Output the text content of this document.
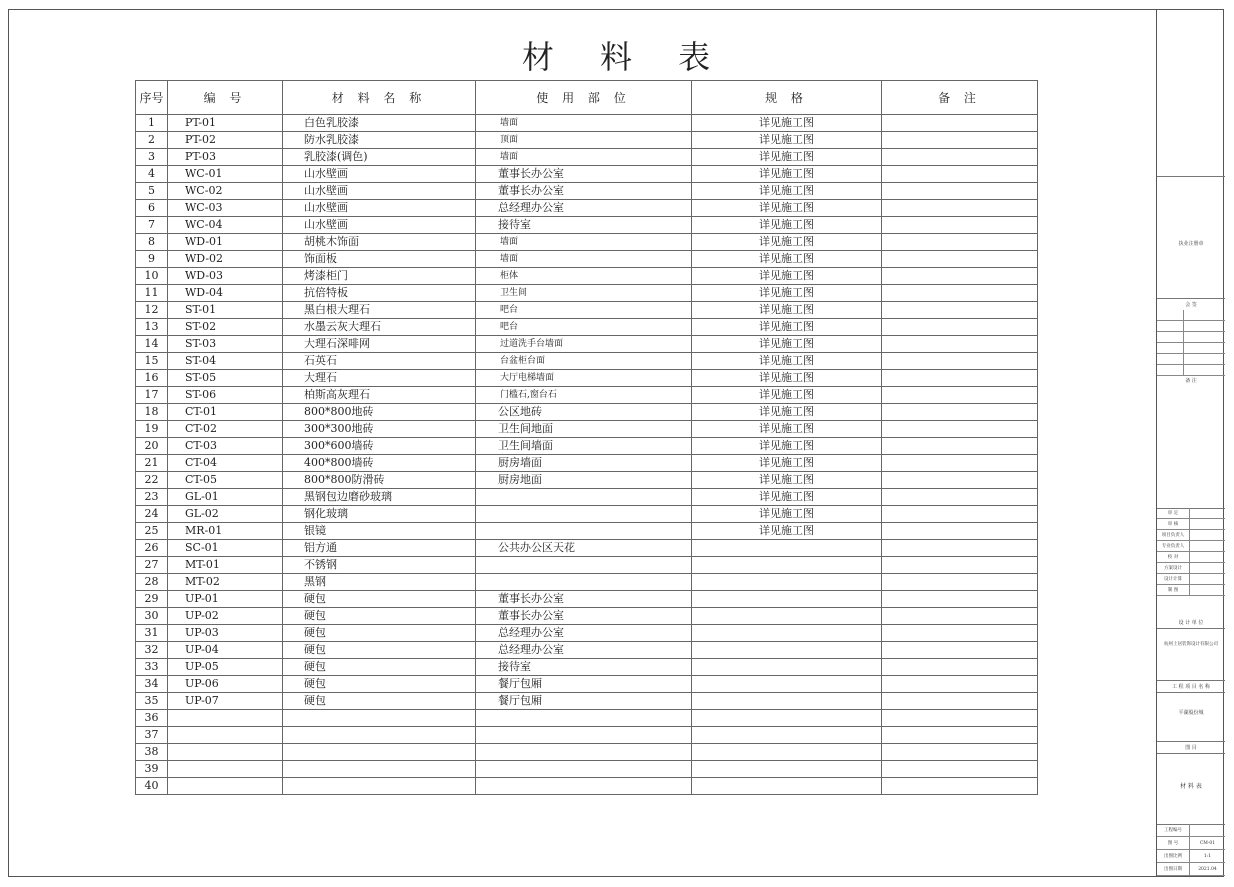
材 料 表
序号	编 号	材 料 名 称	使 用 部 位	规 格	备 注
1	PT-01	白色乳胶漆	墙面	详见施工图	
2	PT-02	防水乳胶漆	顶面	详见施工图	
3	PT-03	乳胶漆(调色)	墙面	详见施工图	
4	WC-01	山水壁画	董事长办公室	详见施工图	
5	WC-02	山水壁画	董事长办公室	详见施工图	
6	WC-03	山水壁画	总经理办公室	详见施工图	
7	WC-04	山水壁画	接待室	详见施工图	
8	WD-01	胡桃木饰面	墙面	详见施工图	
9	WD-02	饰面板	墙面	详见施工图	
10	WD-03	烤漆柜门	柜体	详见施工图	
11	WD-04	抗倍特板	卫生间	详见施工图	
12	ST-01	黑白根大理石	吧台	详见施工图	
13	ST-02	水墨云灰大理石	吧台	详见施工图	
14	ST-03	大理石深啡网	过道洗手台墙面	详见施工图	
15	ST-04	石英石	台盆柜台面	详见施工图	
16	ST-05	大理石	大厅电梯墙面	详见施工图	
17	ST-06	柏斯高灰理石	门槛石,窗台石	详见施工图	
18	CT-01	800*800地砖	公区地砖	详见施工图	
19	CT-02	300*300地砖	卫生间地面	详见施工图	
20	CT-03	300*600墙砖	卫生间墙面	详见施工图	
21	CT-04	400*800墙砖	厨房墙面	详见施工图	
22	CT-05	800*800防滑砖	厨房地面	详见施工图	
23	GL-01	黑钢包边磨砂玻璃		详见施工图	
24	GL-02	钢化玻璃		详见施工图	
25	MR-01	银镜		详见施工图	
26	SC-01	铝方通	公共办公区天花		
27	MT-01	不锈钢			
28	MT-02	黑钢			
29	UP-01	硬包	董事长办公室		
30	UP-02	硬包	董事长办公室		
31	UP-03	硬包	总经理办公室		
32	UP-04	硬包	总经理办公室		
33	UP-05	硬包	接待室		
34	UP-06	硬包	餐厅包厢		
35	UP-07	硬包	餐厅包厢		
36					
37					
38					
39					
40					
执业注册章
会 签
备 注
审 定
审 核
项目负责人
专业负责人
校 对
方案设计
设计计算
制 图
设 计 单 位
杭州上居装饰设计有限公司
工 程 项 目 名 称
平湖股份城
图 目
材 料 表
工程编号
图 号	CM-01
出图比例	1:1
出图日期	2021.04
